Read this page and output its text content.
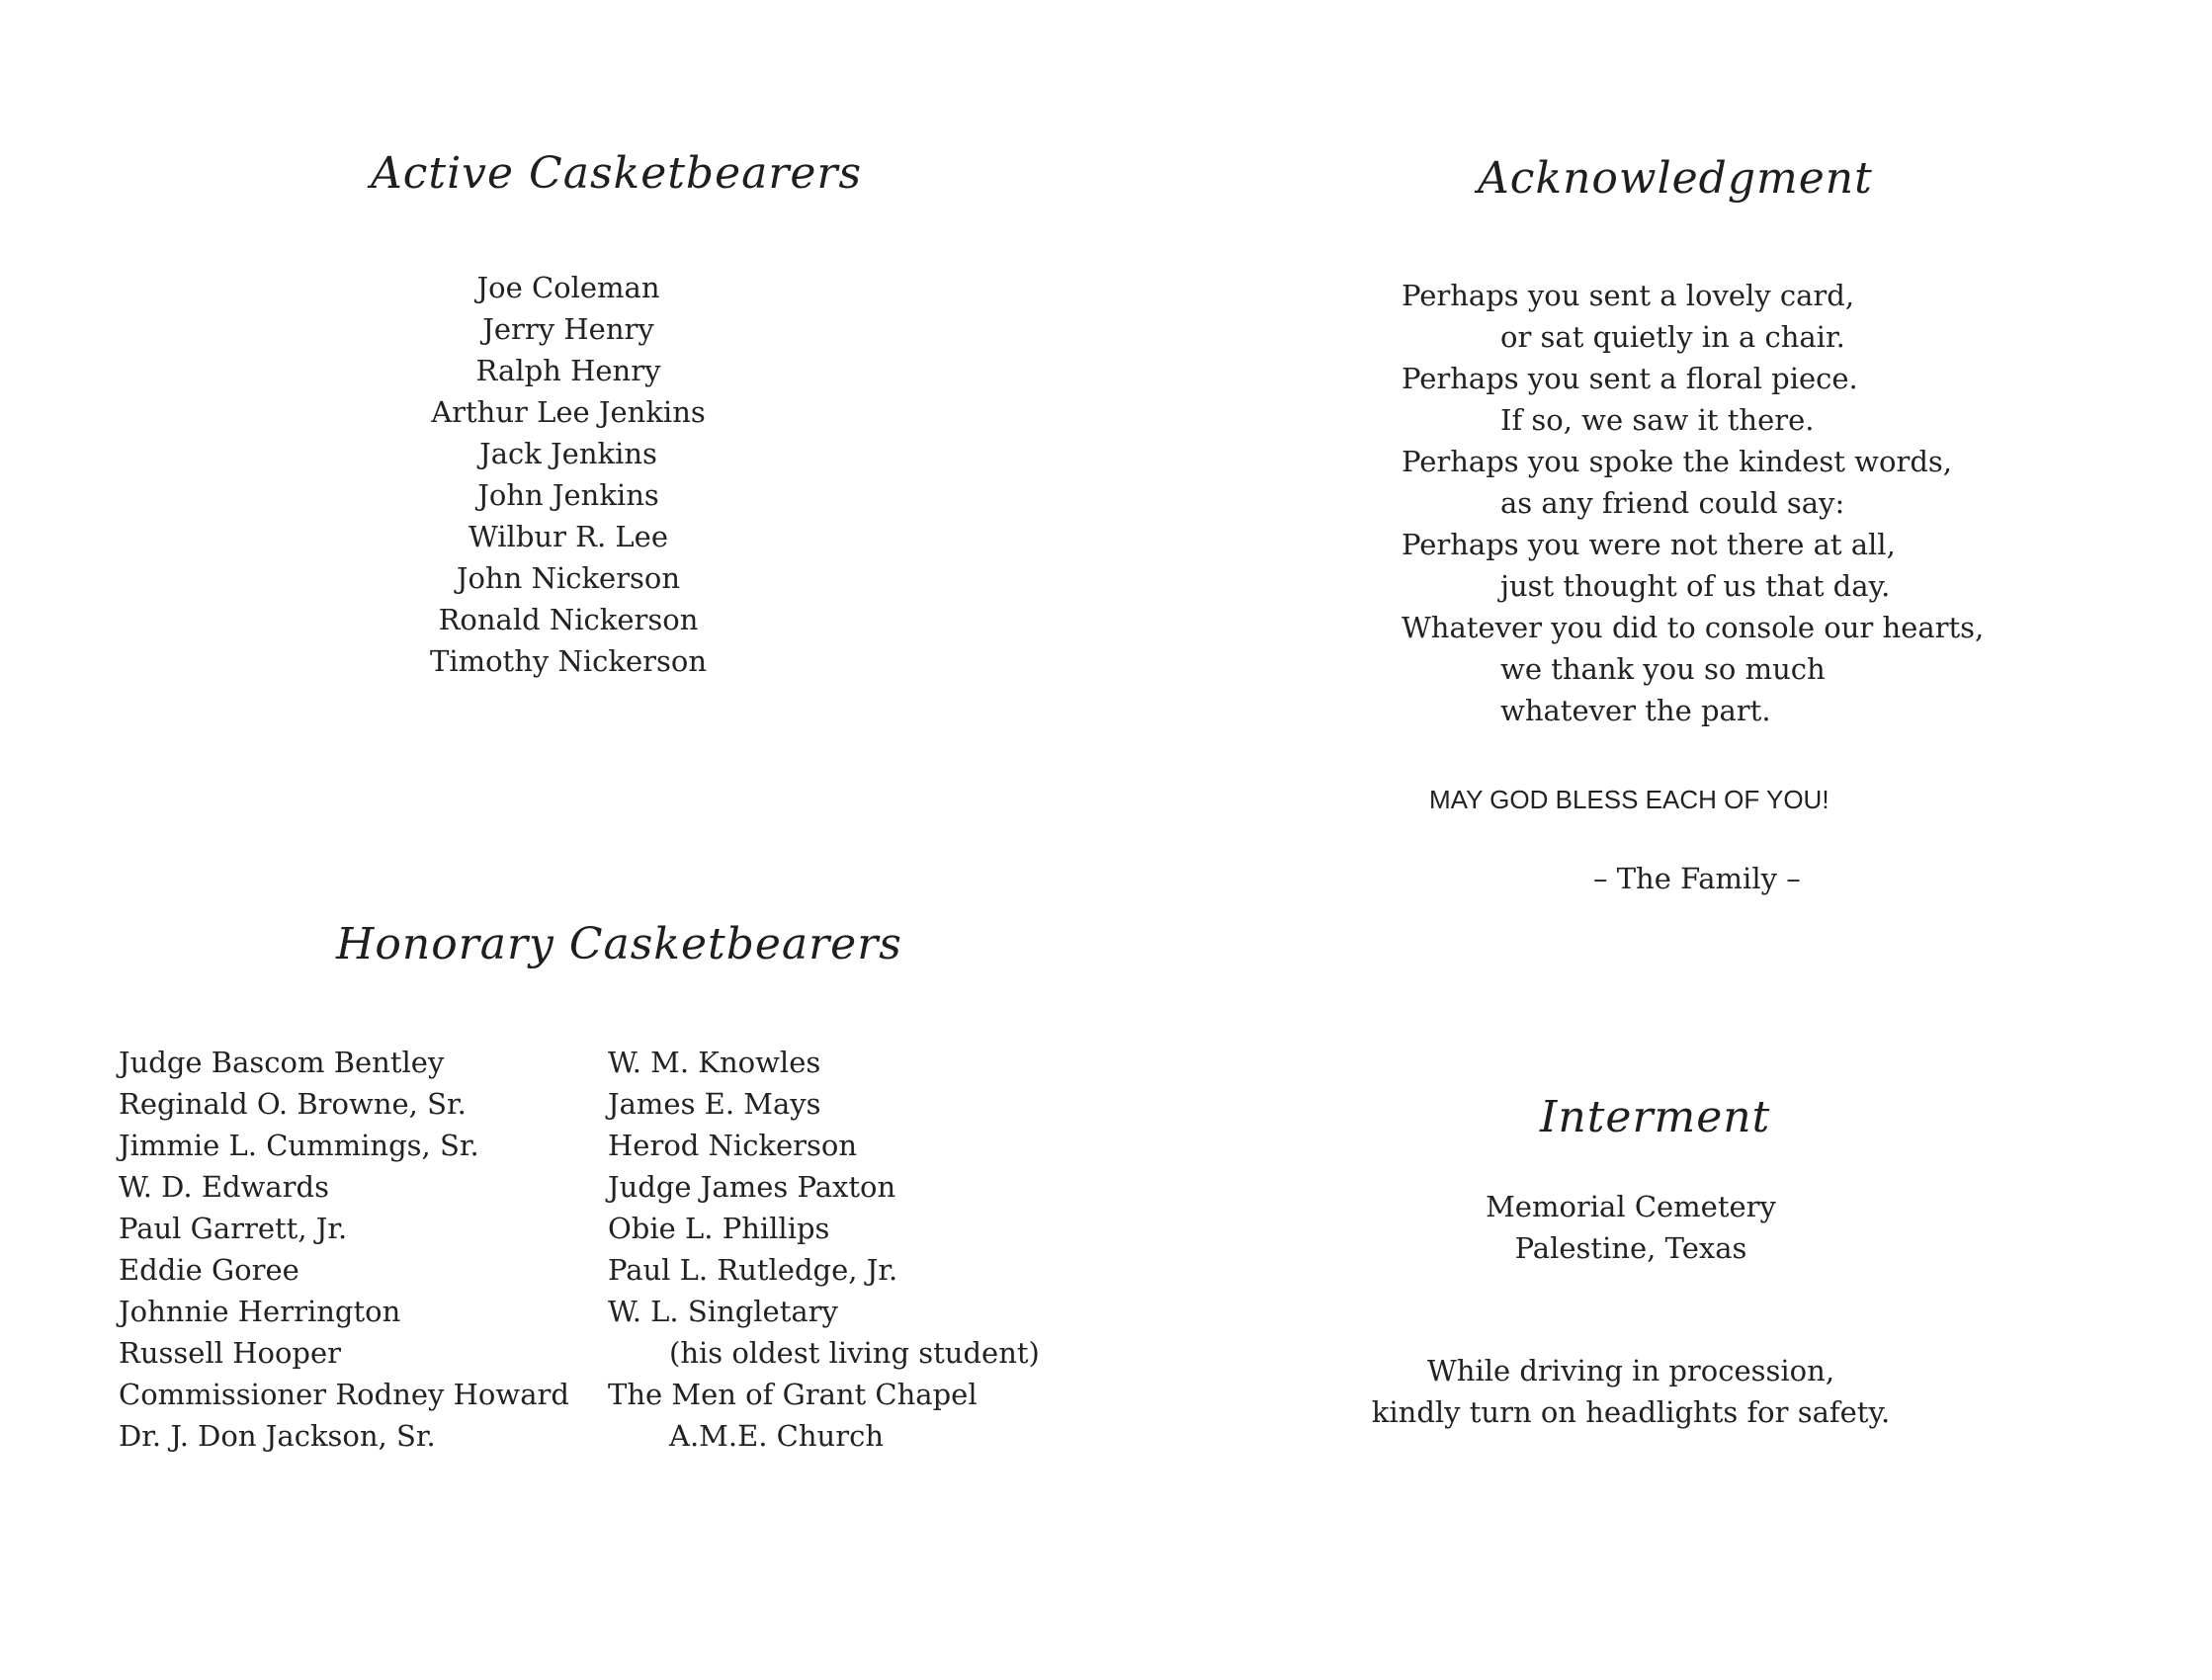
Active Casketbearers
Joe Coleman
Jerry Henry
Ralph Henry
Arthur Lee Jenkins
Jack Jenkins
John Jenkins
Wilbur R. Lee
John Nickerson
Ronald Nickerson
Timothy Nickerson
Honorary Casketbearers
Judge Bascom Bentley
Reginald O. Browne, Sr.
Jimmie L. Cummings, Sr.
W. D. Edwards
Paul Garrett, Jr.
Eddie Goree
Johnnie Herrington
Russell Hooper
Commissioner Rodney Howard
Dr. J. Don Jackson, Sr.
W. M. Knowles
James E. Mays
Herod Nickerson
Judge James Paxton
Obie L. Phillips
Paul L. Rutledge, Jr.
W. L. Singletary
(his oldest living student)
The Men of Grant Chapel
A.M.E. Church
Acknowledgment
Perhaps you sent a lovely card,
or sat quietly in a chair.
Perhaps you sent a floral piece.
If so, we saw it there.
Perhaps you spoke the kindest words,
as any friend could say:
Perhaps you were not there at all,
just thought of us that day.
Whatever you did to console our hearts,
we thank you so much
whatever the part.
MAY GOD BLESS EACH OF YOU!
– The Family –
Interment
Memorial Cemetery
Palestine, Texas
While driving in procession,
kindly turn on headlights for safety.
